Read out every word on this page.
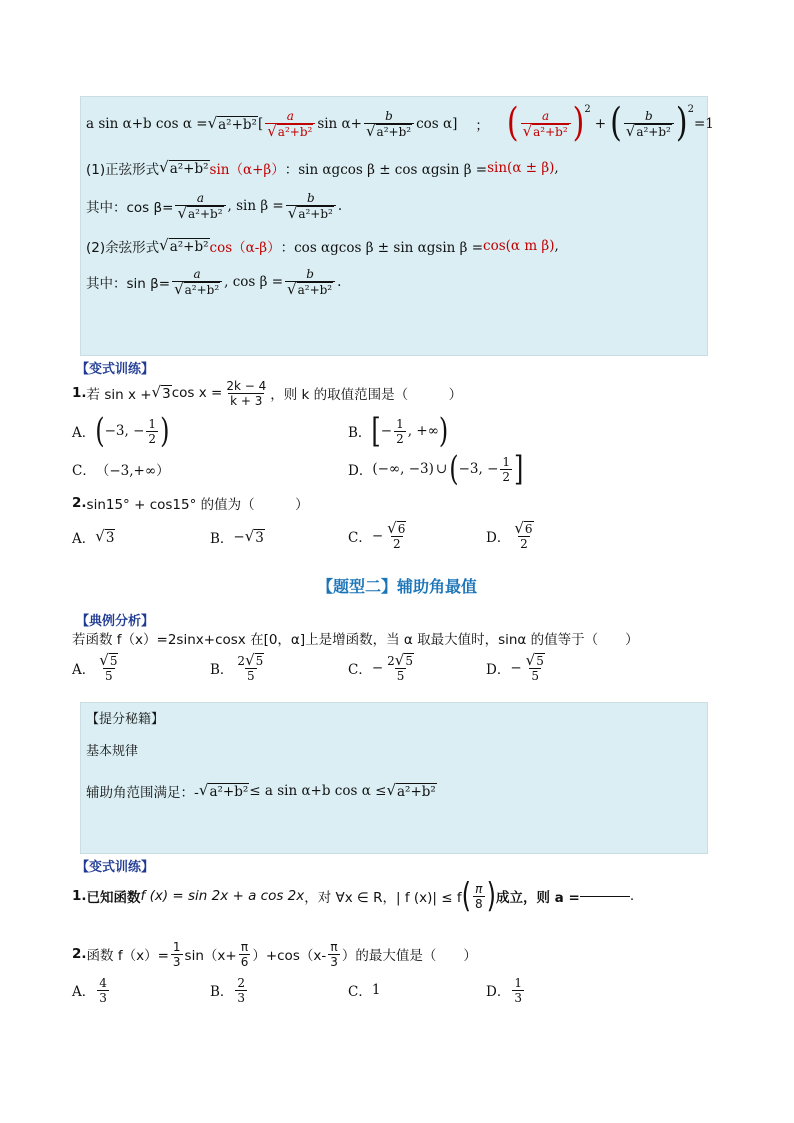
a sin α+b cos α = √ a²+b² [ $\frac{a}{\text{√ a²+b²}}$ $\sin \alpha+ \frac{b}{\text{√ a²+b²}}$ cos α] ； ( $\frac{a}{\text{√ a²+b²}} )^2$
+ ( $\frac{b}{\text{√ a²+b²}} )^2$
=1
(1)正弦形式 √ a²+b² sin（α+β） ：sin αgcos β ± cos αgsin β = sin(α ± β) ,
其中：$\cos \beta= \frac{a}{\text{√ a²+b²}}$ , $\sin \beta = \frac{b}{\text{√ a²+b²}}$ .
(2)余弦形式 √ a²+b² cos（α-β） ：cos αgcos β ± sin αgsin β = cos(α m β) ,
其中：$\sin \beta= \frac{a}{\text{√ a²+b²}}$ , $\cos \beta = \frac{b}{\text{√ a²+b²}}$ .
【变式训练】
1. 若 sin x + √ 3 $\cos x = \frac{2k - 4}{k + 3}$ ，则 k 的取值范围是（　　　）
A． ( −3, − $\frac{1}{2}$ )	B． [ − $\frac{1}{2}$ , +∞ )
C． （−3,+∞）	D． (−∞, −3) ∪ ( −3, − $\frac{1}{2}$ ]
2. sin15° + cos15° 的值为（　　　）
A． √ 3	B． − √ 3	C． − $\frac{√ 6}{2}$	D． $\frac{√ 6}{2}$
【题型二】辅助角最值
【典例分析】
若函数 f（x）=2sinx+cosx 在[0，α]上是增函数，当 α 取最大值时，sinα 的值等于（　　）
A． $\frac{√ 5}{5}$	B． $\frac{2 √ 5}{5}$	C． − $\frac{2 √ 5}{5}$	D． − $\frac{√ 5}{5}$
【提分秘籍】
基本规律
辅助角范围满足：- √ a²+b² ≤ a sin α+b cos α ≤ √ a²+b²
【变式训练】
1. 已知函数 f (x) = sin 2x + a cos 2x ，对 ∀x ∈ R，| f (x)| ≤ f ( $\frac{\pi}{8}$ ) 成立，则 a =	.
2. 函数 $f(x)= \frac{1}{3} \sin(x+ \frac{\pi}{6} )+\cos(x- \frac{\pi}{3}$ ）的最大值是（　　）
A． $\frac{4}{3}$	B． $\frac{2}{3}$	C． 1	D． $\frac{1}{3}$
